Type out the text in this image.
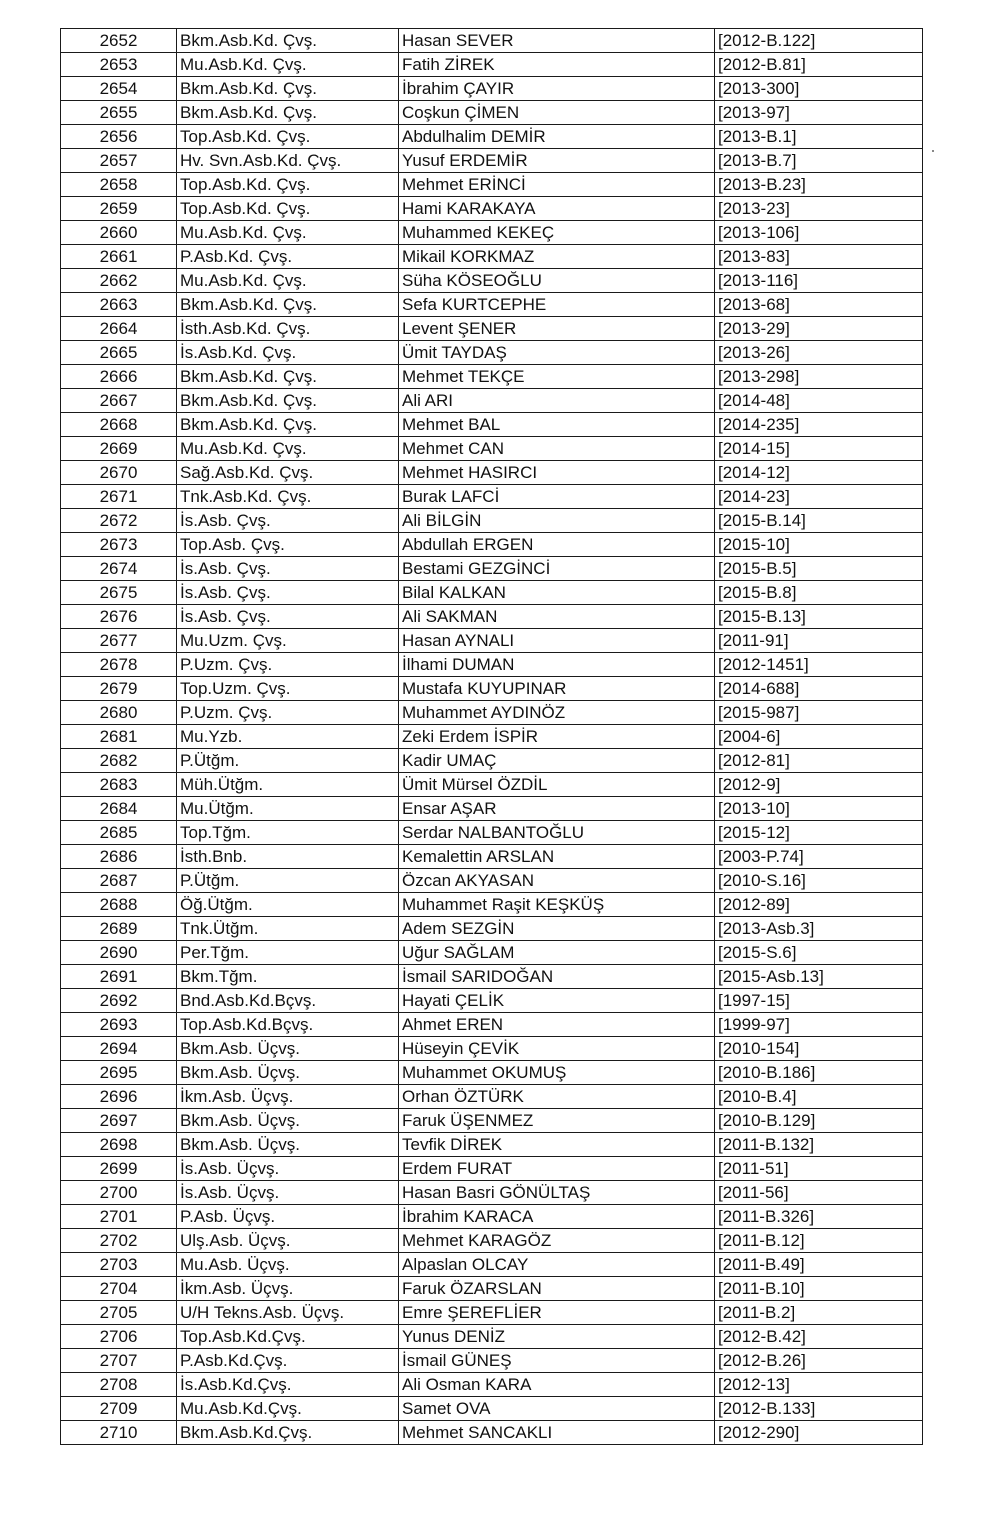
2652	Bkm.Asb.Kd. Çvş.	Hasan SEVER	[2012-B.122]
2653	Mu.Asb.Kd. Çvş.	Fatih ZİREK	[2012-B.81]
2654	Bkm.Asb.Kd. Çvş.	İbrahim ÇAYIR	[2013-300]
2655	Bkm.Asb.Kd. Çvş.	Coşkun ÇİMEN	[2013-97]
2656	Top.Asb.Kd. Çvş.	Abdulhalim DEMİR	[2013-B.1]
2657	Hv. Svn.Asb.Kd. Çvş.	Yusuf ERDEMİR	[2013-B.7]
2658	Top.Asb.Kd. Çvş.	Mehmet ERİNCİ	[2013-B.23]
2659	Top.Asb.Kd. Çvş.	Hami KARAKAYA	[2013-23]
2660	Mu.Asb.Kd. Çvş.	Muhammed KEKEÇ	[2013-106]
2661	P.Asb.Kd. Çvş.	Mikail KORKMAZ	[2013-83]
2662	Mu.Asb.Kd. Çvş.	Süha KÖSEOĞLU	[2013-116]
2663	Bkm.Asb.Kd. Çvş.	Sefa KURTCEPHE	[2013-68]
2664	İsth.Asb.Kd. Çvş.	Levent ŞENER	[2013-29]
2665	İs.Asb.Kd. Çvş.	Ümit TAYDAŞ	[2013-26]
2666	Bkm.Asb.Kd. Çvş.	Mehmet TEKÇE	[2013-298]
2667	Bkm.Asb.Kd. Çvş.	Ali ARI	[2014-48]
2668	Bkm.Asb.Kd. Çvş.	Mehmet BAL	[2014-235]
2669	Mu.Asb.Kd. Çvş.	Mehmet CAN	[2014-15]
2670	Sağ.Asb.Kd. Çvş.	Mehmet HASIRCI	[2014-12]
2671	Tnk.Asb.Kd. Çvş.	Burak LAFCİ	[2014-23]
2672	İs.Asb. Çvş.	Ali BİLGİN	[2015-B.14]
2673	Top.Asb. Çvş.	Abdullah ERGEN	[2015-10]
2674	İs.Asb. Çvş.	Bestami GEZGİNCİ	[2015-B.5]
2675	İs.Asb. Çvş.	Bilal KALKAN	[2015-B.8]
2676	İs.Asb. Çvş.	Ali SAKMAN	[2015-B.13]
2677	Mu.Uzm. Çvş.	Hasan AYNALI	[2011-91]
2678	P.Uzm. Çvş.	İlhami DUMAN	[2012-1451]
2679	Top.Uzm. Çvş.	Mustafa KUYUPINAR	[2014-688]
2680	P.Uzm. Çvş.	Muhammet AYDINÖZ	[2015-987]
2681	Mu.Yzb.	Zeki Erdem İSPİR	[2004-6]
2682	P.Ütğm.	Kadir UMAÇ	[2012-81]
2683	Müh.Ütğm.	Ümit Mürsel ÖZDİL	[2012-9]
2684	Mu.Ütğm.	Ensar AŞAR	[2013-10]
2685	Top.Tğm.	Serdar NALBANTOĞLU	[2015-12]
2686	İsth.Bnb.	Kemalettin ARSLAN	[2003-P.74]
2687	P.Ütğm.	Özcan AKYASAN	[2010-S.16]
2688	Öğ.Ütğm.	Muhammet Raşit KEŞKÜŞ	[2012-89]
2689	Tnk.Ütğm.	Adem SEZGİN	[2013-Asb.3]
2690	Per.Tğm.	Uğur SAĞLAM	[2015-S.6]
2691	Bkm.Tğm.	İsmail SARIDOĞAN	[2015-Asb.13]
2692	Bnd.Asb.Kd.Bçvş.	Hayati ÇELİK	[1997-15]
2693	Top.Asb.Kd.Bçvş.	Ahmet EREN	[1999-97]
2694	Bkm.Asb. Üçvş.	Hüseyin ÇEVİK	[2010-154]
2695	Bkm.Asb. Üçvş.	Muhammet OKUMUŞ	[2010-B.186]
2696	İkm.Asb. Üçvş.	Orhan ÖZTÜRK	[2010-B.4]
2697	Bkm.Asb. Üçvş.	Faruk ÜŞENMEZ	[2010-B.129]
2698	Bkm.Asb. Üçvş.	Tevfik DİREK	[2011-B.132]
2699	İs.Asb. Üçvş.	Erdem FURAT	[2011-51]
2700	İs.Asb. Üçvş.	Hasan Basri GÖNÜLTAŞ	[2011-56]
2701	P.Asb. Üçvş.	İbrahim KARACA	[2011-B.326]
2702	Ulş.Asb. Üçvş.	Mehmet KARAGÖZ	[2011-B.12]
2703	Mu.Asb. Üçvş.	Alpaslan OLCAY	[2011-B.49]
2704	İkm.Asb. Üçvş.	Faruk ÖZARSLAN	[2011-B.10]
2705	U/H Tekns.Asb. Üçvş.	Emre ŞEREFLİER	[2011-B.2]
2706	Top.Asb.Kd.Çvş.	Yunus DENİZ	[2012-B.42]
2707	P.Asb.Kd.Çvş.	İsmail GÜNEŞ	[2012-B.26]
2708	İs.Asb.Kd.Çvş.	Ali Osman KARA	[2012-13]
2709	Mu.Asb.Kd.Çvş.	Samet OVA	[2012-B.133]
2710	Bkm.Asb.Kd.Çvş.	Mehmet SANCAKLI	[2012-290]
